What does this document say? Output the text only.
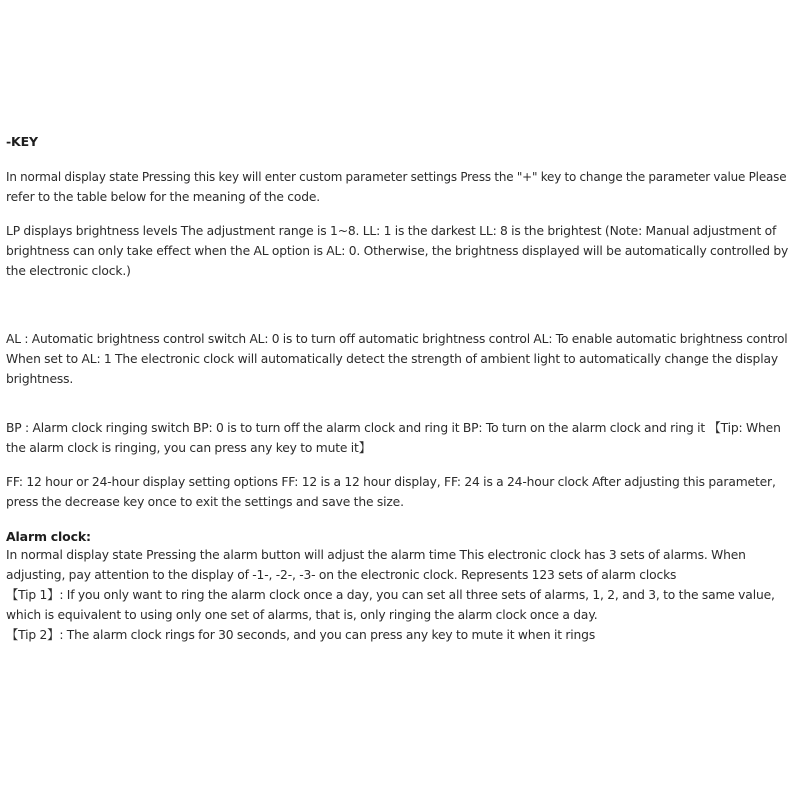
-KEY
In normal display state Pressing this key will enter custom parameter settings Press the "+" key to change the parameter value Please
refer to the table below for the meaning of the code.
LP displays brightness levels The adjustment range is 1~8. LL: 1 is the darkest LL: 8 is the brightest (Note: Manual adjustment of
brightness can only take effect when the AL option is AL: 0. Otherwise, the brightness displayed will be automatically controlled by
the electronic clock.)
AL : Automatic brightness control switch AL: 0 is to turn off automatic brightness control AL: To enable automatic brightness control
When set to AL: 1 The electronic clock will automatically detect the strength of ambient light to automatically change the display
brightness.
BP : Alarm clock ringing switch BP: 0 is to turn off the alarm clock and ring it BP: To turn on the alarm clock and ring it 【Tip: When
the alarm clock is ringing, you can press any key to mute it】
FF: 12 hour or 24-hour display setting options FF: 12 is a 12 hour display, FF: 24 is a 24-hour clock After adjusting this parameter,
press the decrease key once to exit the settings and save the size.
Alarm clock:
In normal display state Pressing the alarm button will adjust the alarm time This electronic clock has 3 sets of alarms. When
adjusting, pay attention to the display of -1-, -2-, -3- on the electronic clock. Represents 123 sets of alarm clocks
【Tip 1】: If you only want to ring the alarm clock once a day, you can set all three sets of alarms, 1, 2, and 3, to the same value,
which is equivalent to using only one set of alarms, that is, only ringing the alarm clock once a day.
【Tip 2】: The alarm clock rings for 30 seconds, and you can press any key to mute it when it rings
